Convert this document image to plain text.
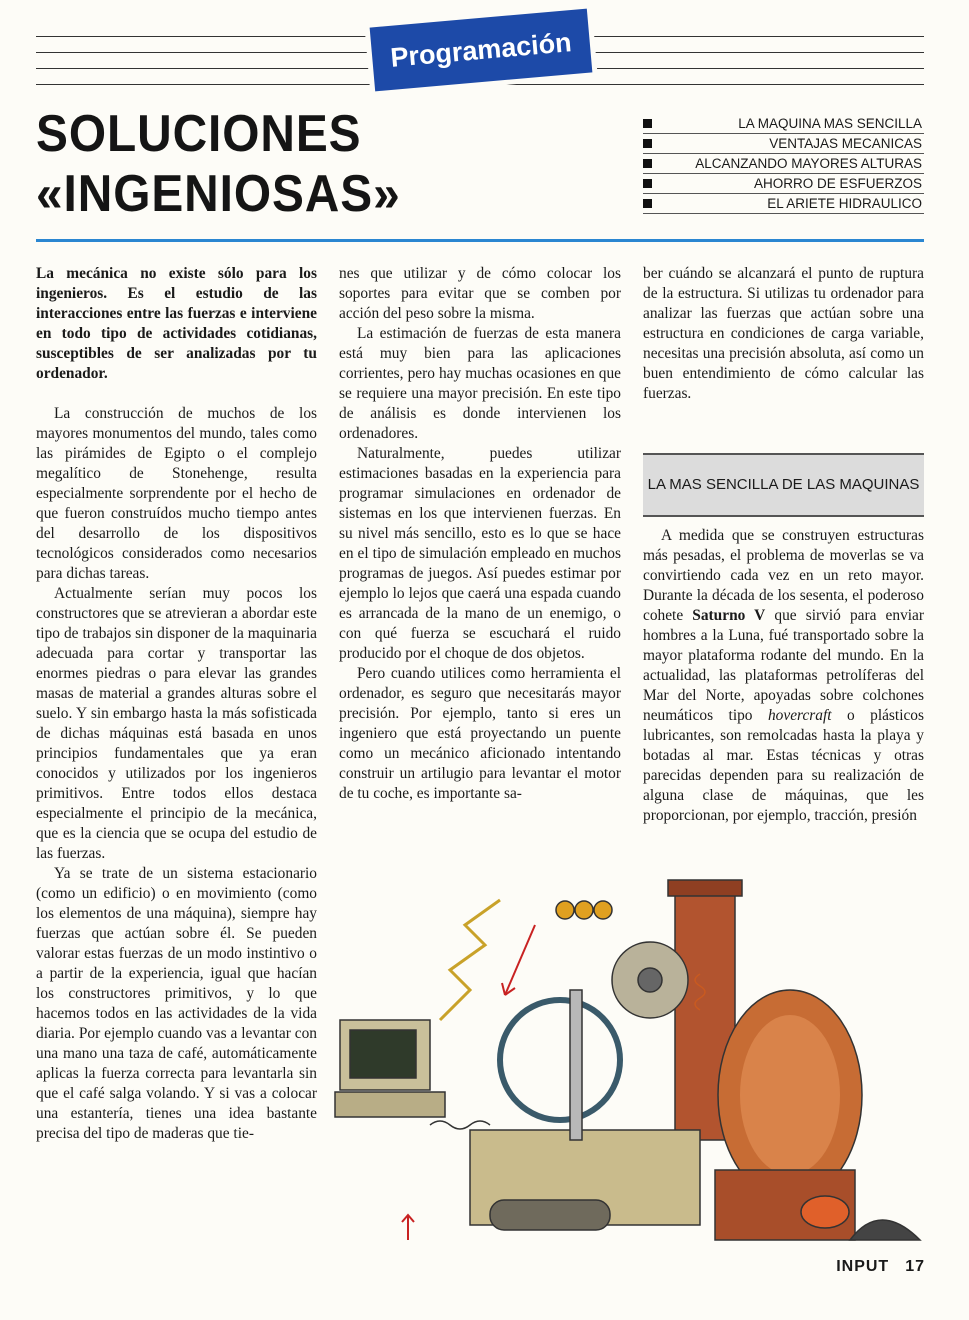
Programación
SOLUCIONES
«INGENIOSAS»
LA MAQUINA MAS SENCILLA
VENTAJAS MECANICAS
ALCANZANDO MAYORES ALTURAS
AHORRO DE ESFUERZOS
EL ARIETE HIDRAULICO

La mecánica no existe sólo para los ingenieros. Es el estudio de las interacciones entre las fuerzas e interviene en todo tipo de actividades cotidianas, susceptibles de ser analizadas por tu ordenador.

La construcción de muchos de los mayores monumentos del mundo, tales como las pirámides de Egipto o el complejo megalítico de Stonehenge, resulta especialmente sorprendente por el hecho de que fueron construídos mucho tiempo antes del desarrollo de los dispositivos tecnológicos considerados como necesarios para dichas tareas.

Actualmente serían muy pocos los constructores que se atrevieran a abordar este tipo de trabajos sin disponer de la maquinaria adecuada para cortar y transportar las enormes piedras o para elevar las grandes masas de material a grandes alturas sobre el suelo. Y sin embargo hasta la más sofisticada de dichas máquinas está basada en unos principios fundamentales que ya eran conocidos y utilizados por los ingenieros primitivos. Entre todos ellos destaca especialmente el principio de la mecánica, que es la ciencia que se ocupa del estudio de las fuerzas.

Ya se trate de un sistema estacionario (como un edificio) o en movimiento (como los elementos de una máquina), siempre hay fuerzas que actúan sobre él. Se pueden valorar estas fuerzas de un modo instintivo o a partir de la experiencia, igual que hacían los constructores primitivos, y lo que hacemos todos en las actividades de la vida diaria. Por ejemplo cuando vas a levantar con una mano una taza de café, automáticamente aplicas la fuerza correcta para levantarla sin que el café salga volando. Y si vas a colocar una estantería, tienes una idea bastante precisa del tipo de maderas que tie-

nes que utilizar y de cómo colocar los soportes para evitar que se comben por acción del peso sobre la misma.

La estimación de fuerzas de esta manera está muy bien para las aplicaciones corrientes, pero hay muchas ocasiones en que se requiere una mayor precisión. En este tipo de análisis es donde intervienen los ordenadores.

Naturalmente, puedes utilizar estimaciones basadas en la experiencia para programar simulaciones en ordenador de sistemas en los que intervienen fuerzas. En su nivel más sencillo, esto es lo que se hace en el tipo de simulación empleado en muchos programas de juegos. Así puedes estimar por ejemplo lo lejos que caerá una espada cuando es arrancada de la mano de un enemigo, o con qué fuerza se escuchará el ruido producido por el choque de dos objetos.

Pero cuando utilices como herramienta el ordenador, es seguro que necesitarás mayor precisión. Por ejemplo, tanto si eres un ingeniero que está proyectando un puente como un mecánico aficionado intentando construir un artilugio para levantar el motor de tu coche, es importante sa-

ber cuándo se alcanzará el punto de ruptura de la estructura. Si utilizas tu ordenador para analizar las fuerzas que actúan sobre una estructura en condiciones de carga variable, necesitas una precisión absoluta, así como un buen entendimiento de cómo calcular las fuerzas.

LA MAS SENCILLA DE LAS MAQUINAS

A medida que se construyen estructuras más pesadas, el problema de moverlas se va convirtiendo cada vez en un reto mayor. Durante la década de los sesenta, el poderoso cohete Saturno V que sirvió para enviar hombres a la Luna, fué transportado sobre la mayor plataforma rodante del mundo. En la actualidad, las plataformas petrolíferas del Mar del Norte, apoyadas sobre colchones neumáticos tipo hovercraft o plásticos lubricantes, son remolcadas hasta la playa y botadas al mar. Estas técnicas y otras parecidas dependen para su realización de alguna clase de máquinas, que les proporcionan, por ejemplo, tracción, presión

INPUT 17
